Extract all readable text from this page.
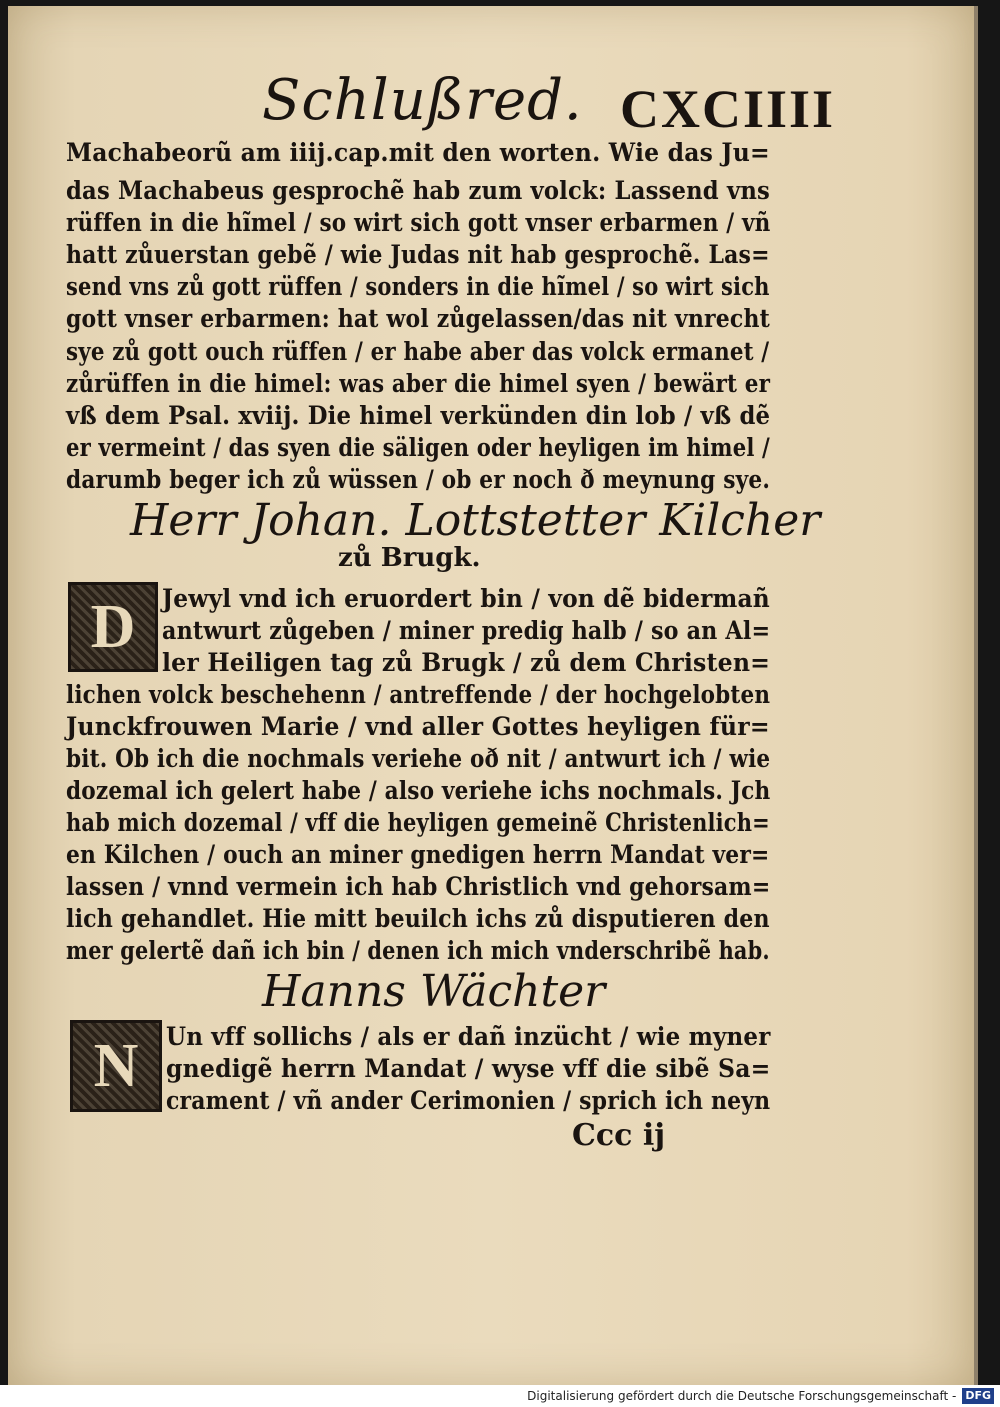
Schlußred. CXCIIII
Machabeorũ am iiij.cap.mit den worten. Wie das Ju=
das Machabeus gesprochẽ hab zum volck: Lassend vns
rüffen in die hĩmel / so wirt sich gott vnser erbarmen / vñ
hatt zůuerstan gebẽ / wie Judas nit hab gesprochẽ. Las=
send vns zů gott rüffen / sonders in die hĩmel / so wirt sich
gott vnser erbarmen: hat wol zůgelassen/das nit vnrecht
sye zů gott ouch rüffen / er habe aber das volck ermanet /
zůrüffen in die himel: was aber die himel syen / bewärt er
vß dem Psal. xviij. Die himel verkünden din lob / vß dẽ
er vermeint / das syen die säligen oder heyligen im himel /
darumb beger ich zů wüssen / ob er noch ð meynung sye.
Herr Johan. Lottstetter Kilcher
zů Brugk.
D	Jewyl vnd ich eruordert bin / von dẽ bidermañ
antwurt zůgeben / miner predig halb / so an Al=
ler Heiligen tag zů Brugk / zů dem Christen=
lichen volck beschehenn / antreffende / der hochgelobten
Junckfrouwen Marie / vnd aller Gottes heyligen für=
bit. Ob ich die nochmals veriehe oð nit / antwurt ich / wie
dozemal ich gelert habe / also veriehe ichs nochmals. Jch
hab mich dozemal / vff die heyligen gemeinẽ Christenlich=
en Kilchen / ouch an miner gnedigen herrn Mandat ver=
lassen / vnnd vermein ich hab Christlich vnd gehorsam=
lich gehandlet. Hie mitt beuilch ichs zů disputieren den
mer gelertẽ dañ ich bin / denen ich mich vnderschribẽ hab.
Hanns Wächter
N	Un vff sollichs / als er dañ inzücht / wie myner
gnedigẽ herrn Mandat / wyse vff die sibẽ Sa=
crament / vñ ander Cerimonien / sprich ich neyn
Ccc ij
Digitalisierung gefördert durch die Deutsche Forschungsgemeinschaft - DFG
